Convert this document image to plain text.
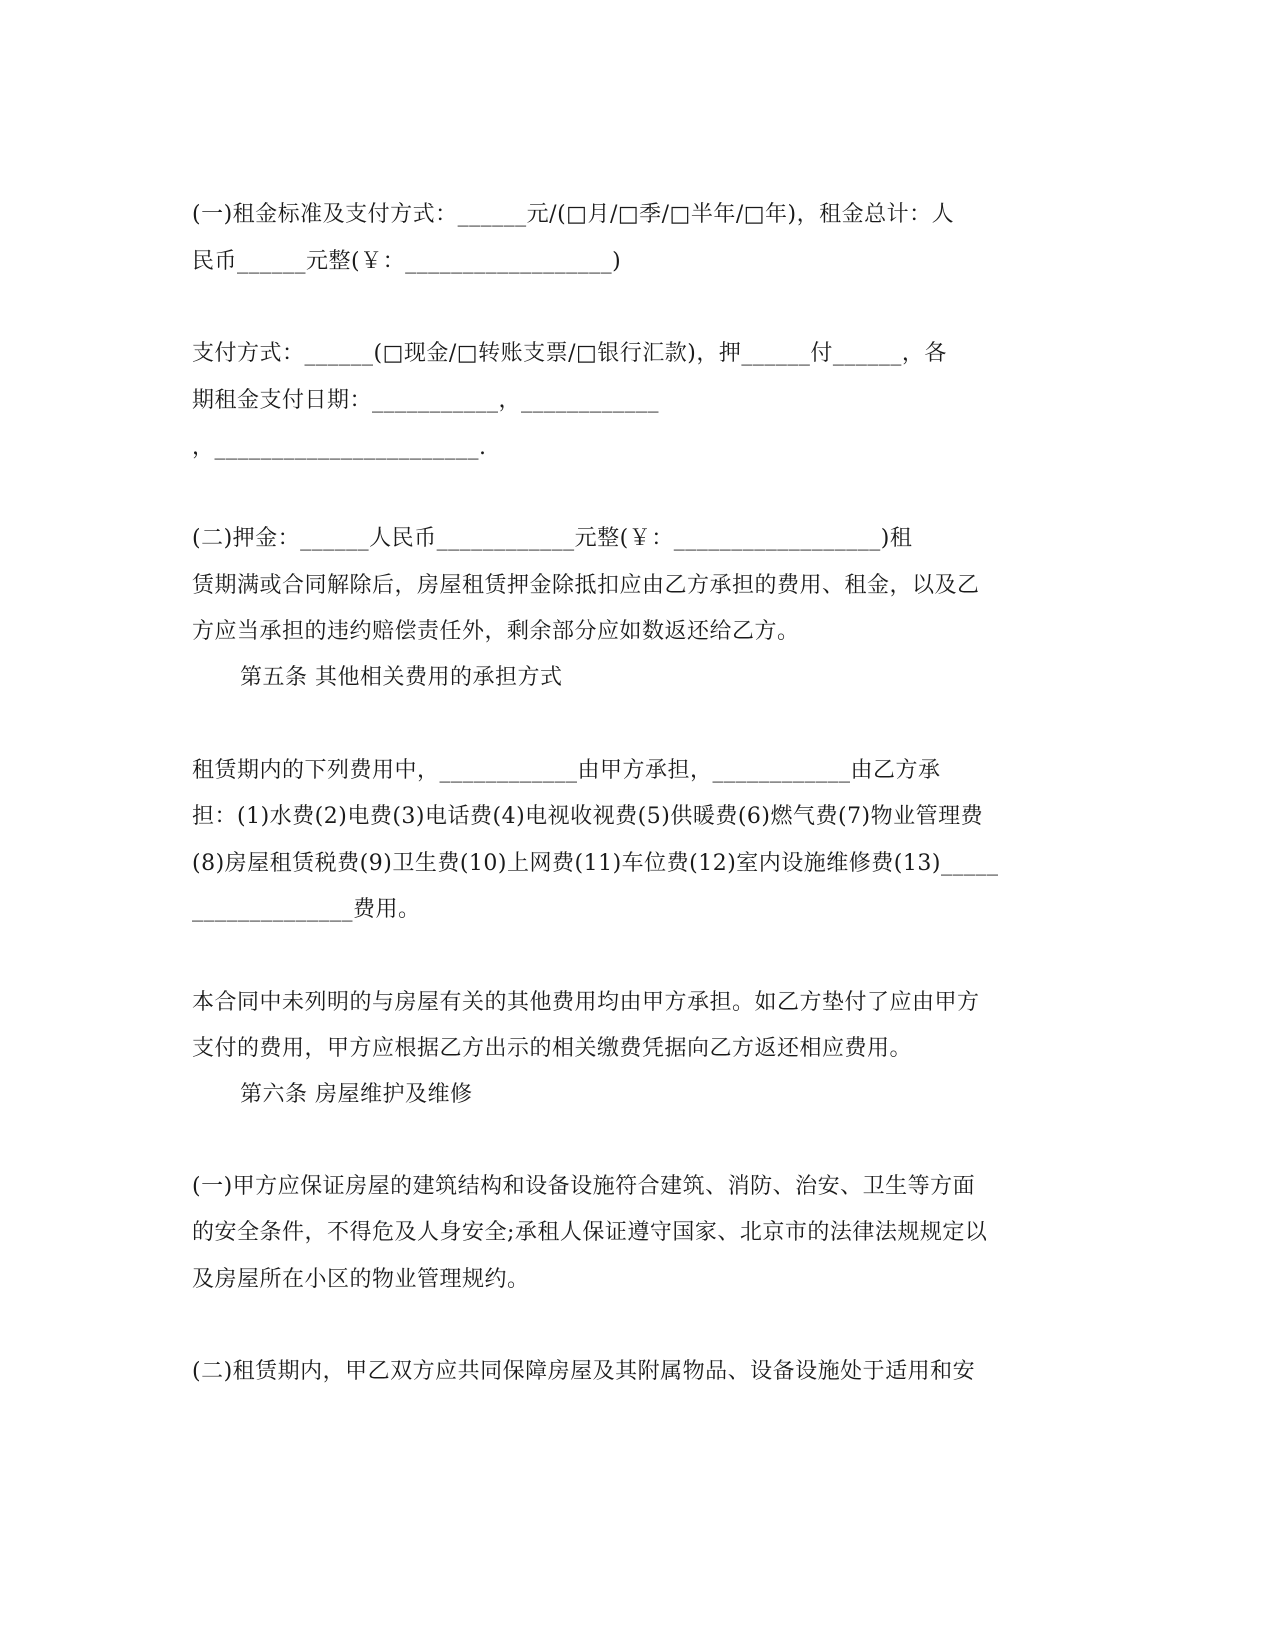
(一)租金标准及支付方式：______元/(□月/□季/□半年/□年)，租金总计：人
民币______元整(￥：__________________)
支付方式：______(□现金/□转账支票/□银行汇款)，押______付______，各
期租金支付日期：___________，____________
，_______________________.
(二)押金：______人民币____________元整(￥：__________________)租
赁期满或合同解除后，房屋租赁押金除抵扣应由乙方承担的费用、租金，以及乙
方应当承担的违约赔偿责任外，剩余部分应如数返还给乙方。
第五条 其他相关费用的承担方式
租赁期内的下列费用中，____________由甲方承担，____________由乙方承
担：(1)水费(2)电费(3)电话费(4)电视收视费(5)供暖费(6)燃气费(7)物业管理费
(8)房屋租赁税费(9)卫生费(10)上网费(11)车位费(12)室内设施维修费(13)_____
______________费用。
本合同中未列明的与房屋有关的其他费用均由甲方承担。如乙方垫付了应由甲方
支付的费用，甲方应根据乙方出示的相关缴费凭据向乙方返还相应费用。
第六条 房屋维护及维修
(一)甲方应保证房屋的建筑结构和设备设施符合建筑、消防、治安、卫生等方面
的安全条件，不得危及人身安全;承租人保证遵守国家、北京市的法律法规规定以
及房屋所在小区的物业管理规约。
(二)租赁期内，甲乙双方应共同保障房屋及其附属物品、设备设施处于适用和安
